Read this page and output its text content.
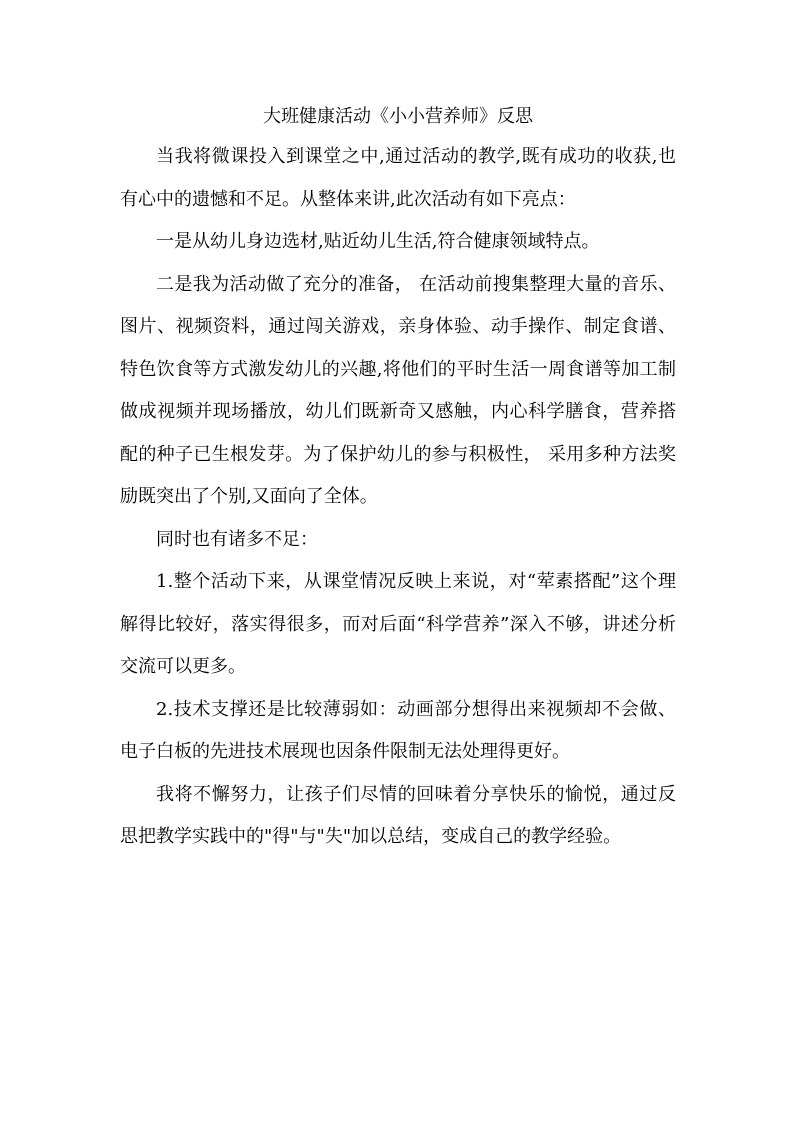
大班健康活动《小小营养师》反思

当我将微课投入到课堂之中,通过活动的教学,既有成功的收获,也有心中的遗憾和不足。从整体来讲,此次活动有如下亮点：

一是从幼儿身边选材,贴近幼儿生活,符合健康领域特点。

二是我为活动做了充分的准备， 在活动前搜集整理大量的音乐、图片、视频资料，通过闯关游戏，亲身体验、动手操作、制定食谱、特色饮食等方式激发幼儿的兴趣,将他们的平时生活一周食谱等加工制做成视频并现场播放，幼儿们既新奇又感触，内心科学膳食，营养搭配的种子已生根发芽。为了保护幼儿的参与积极性， 采用多种方法奖励既突出了个别,又面向了全体。

同时也有诸多不足：

1.整个活动下来，从课堂情况反映上来说，对“荤素搭配”这个理解得比较好，落实得很多，而对后面“科学营养”深入不够，讲述分析交流可以更多。

2.技术支撑还是比较薄弱如：动画部分想得出来视频却不会做、电子白板的先进技术展现也因条件限制无法处理得更好。

我将不懈努力，让孩子们尽情的回味着分享快乐的愉悦，通过反思把教学实践中的"得"与"失"加以总结，变成自己的教学经验。
